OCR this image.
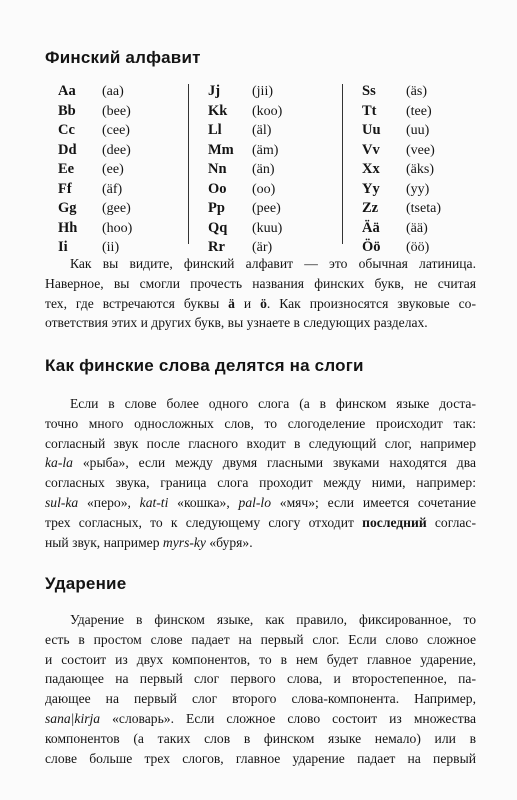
Финский алфавит
Aa (aa)
Bb (bee)
Cc (cee)
Dd (dee)
Ee (ee)
Ff (äf)
Gg (gee)
Hh (hoo)
Ii (ii)
Jj (jii)
Kk (koo)
Ll (äl)
Mm (äm)
Nn (än)
Oo (oo)
Pp (pee)
Qq (kuu)
Rr (är)
Ss (äs)
Tt (tee)
Uu (uu)
Vv (vee)
Xx (äks)
Yy (yy)
Zz (tseta)
Ää (ää)
Öö (öö)
Как вы видите, финский алфавит — это обычная латиница.
Наверное, вы смогли прочесть названия финских букв, не считая
тех, где встречаются буквы ä и ö. Как произносятся звуковые со-
ответствия этих и других букв, вы узнаете в следующих разделах.
Как финские слова делятся на слоги
Если в слове более одного слога (а в финском языке доста-
точно много односложных слов, то слогоделение происходит так:
согласный звук после гласного входит в следующий слог, например
ka-la «рыба», если между двумя гласными звуками находятся два
согласных звука, граница слога проходит между ними, например:
sul-ka «перо», kat-ti «кошка», pal-lo «мяч»; если имеется сочетание
трех согласных, то к следующему слогу отходит последний соглас-
ный звук, например myrs-ky «буря».
Ударение
Ударение в финском языке, как правило, фиксированное, то
есть в простом слове падает на первый слог. Если слово сложное
и состоит из двух компонентов, то в нем будет главное ударение,
падающее на первый слог первого слова, и второстепенное, па-
дающее на первый слог второго слова-компонента. Например,
sana|kirja «словарь». Если сложное слово состоит из множества
компонентов (а таких слов в финском языке немало) или в
слове больше трех слогов, главное ударение падает на первый
